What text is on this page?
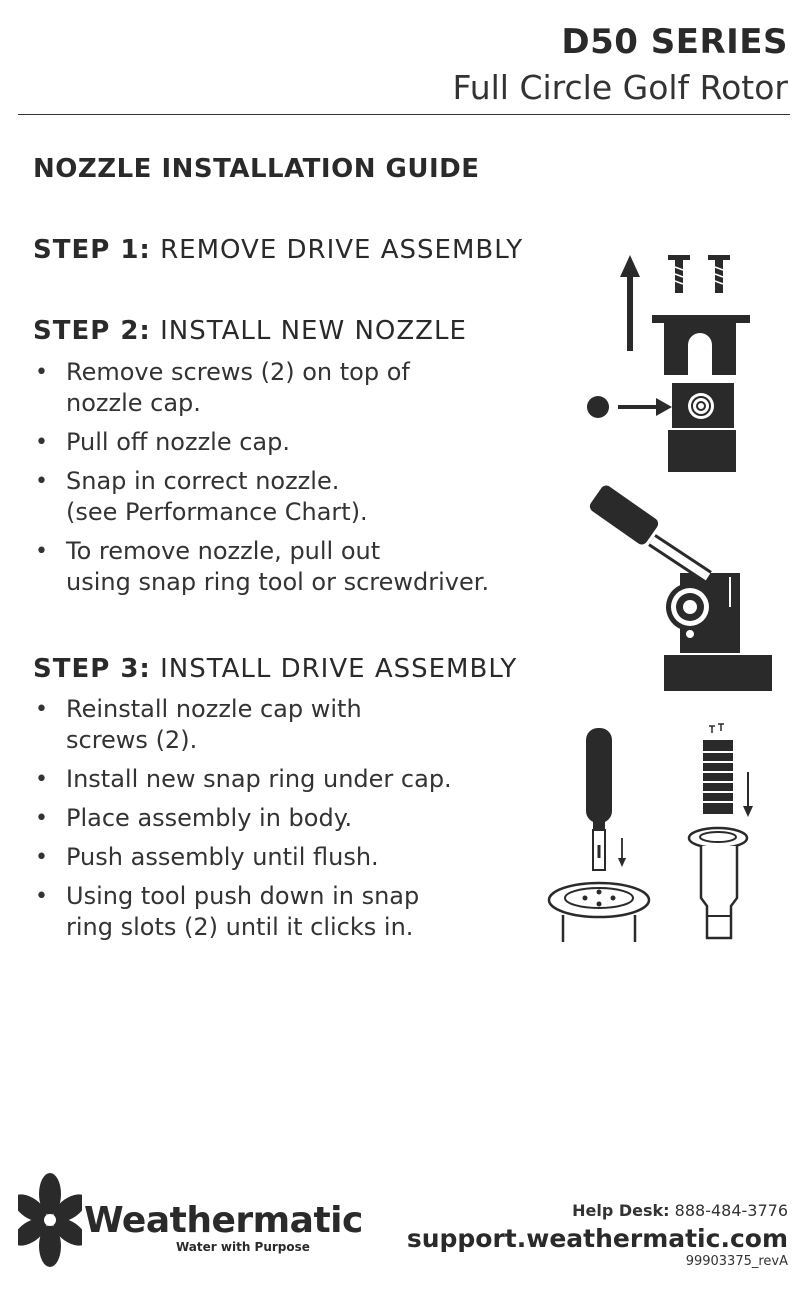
D50 SERIES
Full Circle Golf Rotor
NOZZLE INSTALLATION GUIDE
STEP 1: REMOVE DRIVE ASSEMBLY
STEP 2: INSTALL NEW NOZZLE
• Remove screws (2) on top of
nozzle cap.
• Pull off nozzle cap.
• Snap in correct nozzle.
(see Performance Chart).
• To remove nozzle, pull out
using snap ring tool or screwdriver.
STEP 3: INSTALL DRIVE ASSEMBLY
• Reinstall nozzle cap with
screws (2).
• Install new snap ring under cap.
• Place assembly in body.
• Push assembly until flush.
• Using tool push down in snap
ring slots (2) until it clicks in.
Weathermatic
Water with Purpose
Help Desk: 888-484-3776
support.weathermatic.com
99903375_revA
